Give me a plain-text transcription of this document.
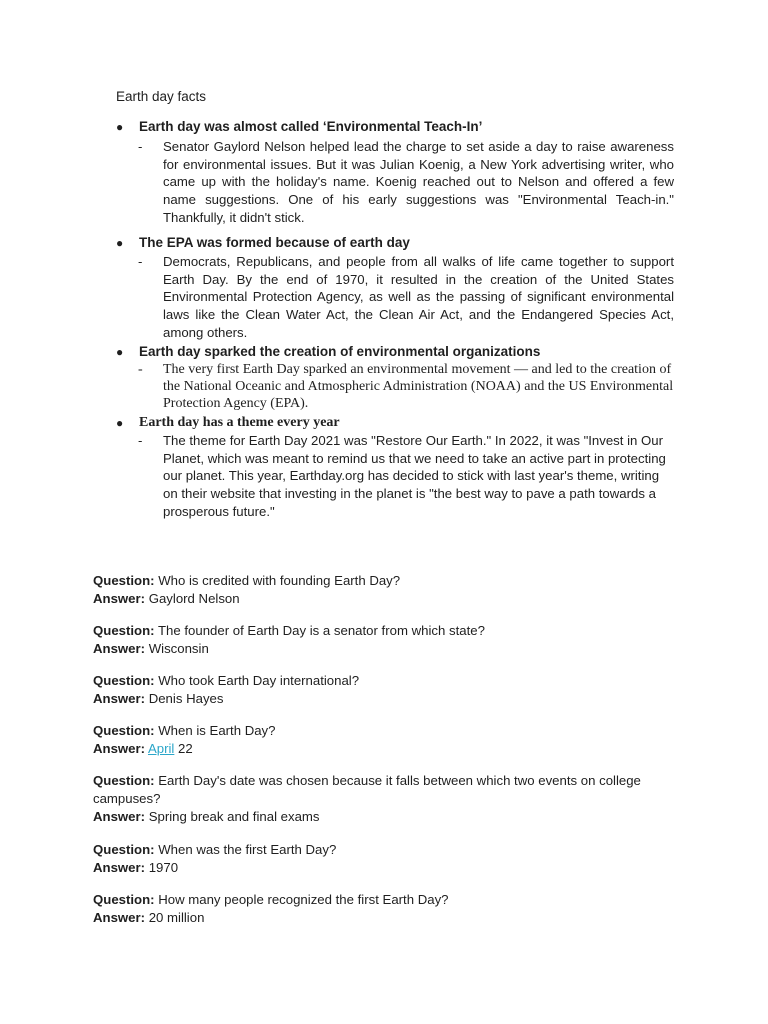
Earth day facts
●	Earth day was almost called ‘Environmental Teach-In’
- Senator Gaylord Nelson helped lead the charge to set aside a day to raise awareness for environmental issues. But it was Julian Koenig, a New York advertising writer, who came up with the holiday's name. Koenig reached out to Nelson and offered a few name suggestions. One of his early suggestions was "Environmental Teach-in." Thankfully, it didn't stick.
●	The EPA was formed because of earth day
- Democrats, Republicans, and people from all walks of life came together to support Earth Day. By the end of 1970, it resulted in the creation of the United States Environmental Protection Agency, as well as the passing of significant environmental laws like the Clean Water Act, the Clean Air Act, and the Endangered Species Act, among others.
●	Earth day sparked the creation of environmental organizations
- The very first Earth Day sparked an environmental movement — and led to the creation of the National Oceanic and Atmospheric Administration (NOAA) and the US Environmental Protection Agency (EPA).
●	Earth day has a theme every year
- The theme for Earth Day 2021 was "Restore Our Earth." In 2022, it was "Invest in Our Planet, which was meant to remind us that we need to take an active part in protecting our planet. This year, Earthday.org has decided to stick with last year's theme, writing on their website that investing in the planet is "the best way to pave a path towards a prosperous future."
Question: Who is credited with founding Earth Day?
Answer: Gaylord Nelson
Question: The founder of Earth Day is a senator from which state?
Answer: Wisconsin
Question: Who took Earth Day international?
Answer: Denis Hayes
Question: When is Earth Day?
Answer: April 22
Question: Earth Day's date was chosen because it falls between which two events on college campuses?
Answer: Spring break and final exams
Question: When was the first Earth Day?
Answer: 1970
Question: How many people recognized the first Earth Day?
Answer: 20 million
